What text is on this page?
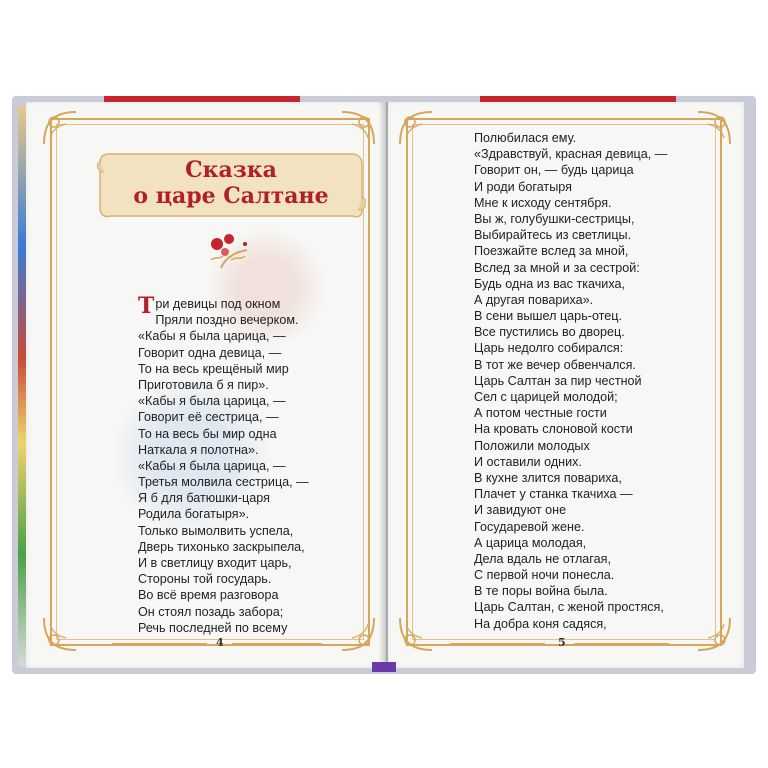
Сказка
о царе Салтане
Три девицы под окном
Пряли поздно вечерком.
«Кабы я была царица, —
Говорит одна девица, —
То на весь крещёный мир
Приготовила б я пир».
«Кабы я была царица, —
Говорит её сестрица, —
То на весь бы мир одна
Наткала я полотна».
«Кабы я была царица, —
Третья молвила сестрица, —
Я б для батюшки-царя
Родила богатыря».
Только вымолвить успела,
Дверь тихонько заскрыпела,
И в светлицу входит царь,
Стороны той государь.
Во всё время разговора
Он стоял позадь забора;
Речь последней по всему
4
Полюбилася ему.
«Здравствуй, красная девица, —
Говорит он, — будь царица
И роди богатыря
Мне к исходу сентября.
Вы ж, голубушки-сестрицы,
Выбирайтесь из светлицы.
Поезжайте вслед за мной,
Вслед за мной и за сестрой:
Будь одна из вас ткачиха,
А другая повариха».
В сени вышел царь-отец.
Все пустились во дворец.
Царь недолго собирался:
В тот же вечер обвенчался.
Царь Салтан за пир честной
Сел с царицей молодой;
А потом честные гости
На кровать слоновой кости
Положили молодых
И оставили одних.
В кухне злится повариха,
Плачет у станка ткачиха —
И завидуют оне
Государевой жене.
А царица молодая,
Дела вдаль не отлагая,
С первой ночи понесла.
В те поры война была.
Царь Салтан, с женой простяся,
На добра коня садяся,
5
